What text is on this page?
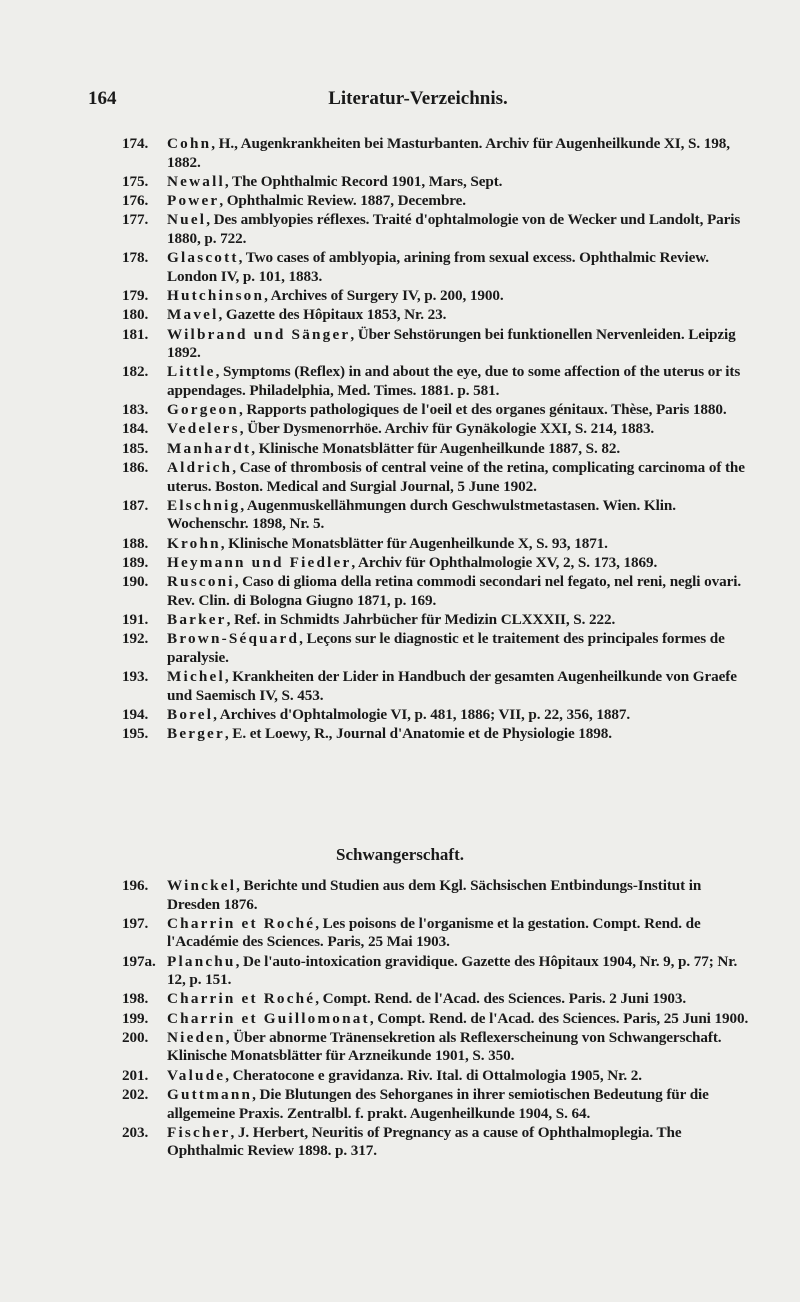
164	Literatur-Verzeichnis.
174. Cohn, H., Augenkrankheiten bei Masturbanten. Archiv für Augenheilkunde XI, S. 198, 1882.
175. Newall, The Ophthalmic Record 1901, Mars, Sept.
176. Power, Ophthalmic Review. 1887, Decembre.
177. Nuel, Des amblyopies réflexes. Traité d'ophtalmologie von de Wecker und Landolt, Paris 1880, p. 722.
178. Glascott, Two cases of amblyopia, arining from sexual excess. Ophthalmic Review. London IV, p. 101, 1883.
179. Hutchinson, Archives of Surgery IV, p. 200, 1900.
180. Mavel, Gazette des Hôpitaux 1853, Nr. 23.
181. Wilbrand und Sänger, Über Sehstörungen bei funktionellen Nervenleiden. Leipzig 1892.
182. Little, Symptoms (Reflex) in and about the eye, due to some affection of the uterus or its appendages. Philadelphia, Med. Times. 1881. p. 581.
183. Gorgeon, Rapports pathologiques de l'oeil et des organes génitaux. Thèse, Paris 1880.
184. Vedelers, Über Dysmenorrhöe. Archiv für Gynäkologie XXI, S. 214, 1883.
185. Manhardt, Klinische Monatsblätter für Augenheilkunde 1887, S. 82.
186. Aldrich, Case of thrombosis of central veine of the retina, complicating carcinoma of the uterus. Boston. Medical and Surgial Journal, 5 June 1902.
187. Elschnig, Augenmuskellähmungen durch Geschwulstmetastasen. Wien. Klin. Wochenschr. 1898, Nr. 5.
188. Krohn, Klinische Monatsblätter für Augenheilkunde X, S. 93, 1871.
189. Heymann und Fiedler, Archiv für Ophthalmologie XV, 2, S. 173, 1869.
190. Rusconi, Caso di glioma della retina commodi secondari nel fegato, nel reni, negli ovari. Rev. Clin. di Bologna Giugno 1871, p. 169.
191. Barker, Ref. in Schmidts Jahrbücher für Medizin CLXXXII, S. 222.
192. Brown-Séquard, Leçons sur le diagnostic et le traitement des principales formes de paralysie.
193. Michel, Krankheiten der Lider in Handbuch der gesamten Augenheilkunde von Graefe und Saemisch IV, S. 453.
194. Borel, Archives d'Ophtalmologie VI, p. 481, 1886; VII, p. 22, 356, 1887.
195. Berger, E. et Loewy, R., Journal d'Anatomie et de Physiologie 1898.
Schwangerschaft.
196. Winckel, Berichte und Studien aus dem Kgl. Sächsischen Entbindungs-Institut in Dresden 1876.
197. Charrin et Roché, Les poisons de l'organisme et la gestation. Compt. Rend. de l'Académie des Sciences. Paris, 25 Mai 1903.
197a. Planchu, De l'auto-intoxication gravidique. Gazette des Hôpitaux 1904, Nr. 9, p. 77; Nr. 12, p. 151.
198. Charrin et Roché, Compt. Rend. de l'Acad. des Sciences. Paris. 2 Juni 1903.
199. Charrin et Guillomonat, Compt. Rend. de l'Acad. des Sciences. Paris, 25 Juni 1900.
200. Nieden, Über abnorme Tränensekretion als Reflexerscheinung von Schwangerschaft. Klinische Monatsblätter für Arzneikunde 1901, S. 350.
201. Valude, Cheratocone e gravidanza. Riv. Ital. di Ottalmologia 1905, Nr. 2.
202. Guttmann, Die Blutungen des Sehorganes in ihrer semiotischen Bedeutung für die allgemeine Praxis. Zentralbl. f. prakt. Augenheilkunde 1904, S. 64.
203. Fischer, J. Herbert, Neuritis of Pregnancy as a cause of Ophthalmoplegia. The Ophthalmic Review 1898. p. 317.
